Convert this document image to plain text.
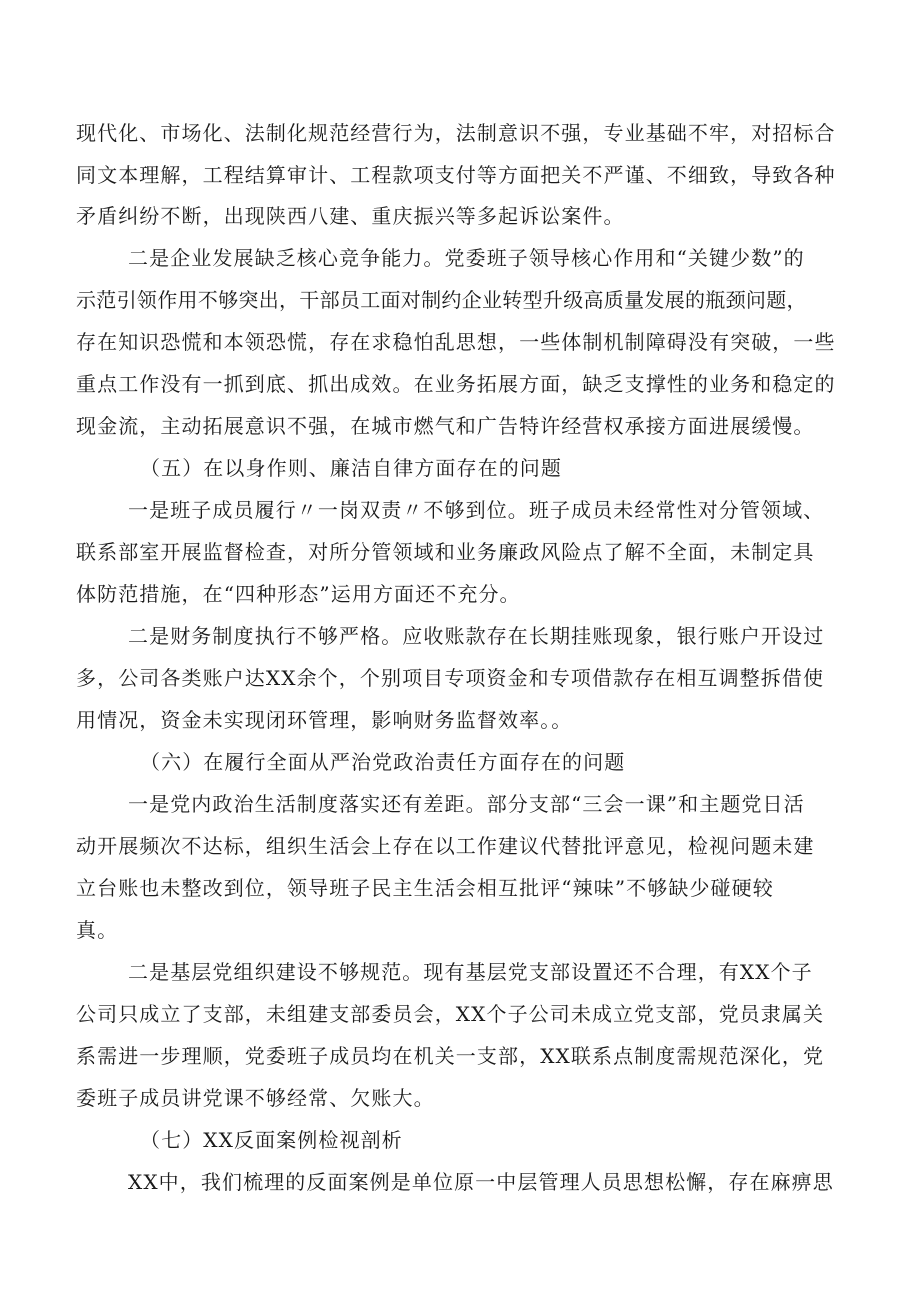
现代化、市场化、法制化规范经营行为，法制意识不强，专业基础不牢，对招标合
同文本理解，工程结算审计、工程款项支付等方面把关不严谨、不细致，导致各种
矛盾纠纷不断，出现陕西八建、重庆振兴等多起诉讼案件。
二是企业发展缺乏核心竞争能力。党委班子领导核心作用和“关键少数”的
示范引领作用不够突出，干部员工面对制约企业转型升级高质量发展的瓶颈问题，
存在知识恐慌和本领恐慌，存在求稳怕乱思想，一些体制机制障碍没有突破，一些
重点工作没有一抓到底、抓出成效。在业务拓展方面，缺乏支撑性的业务和稳定的
现金流，主动拓展意识不强，在城市燃气和广告特许经营权承接方面进展缓慢。
（五）在以身作则、廉洁自律方面存在的问题
一是班子成员履行〃一岗双责〃不够到位。班子成员未经常性对分管领域、
联系部室开展监督检查，对所分管领域和业务廉政风险点了解不全面，未制定具
体防范措施，在“四种形态”运用方面还不充分。
二是财务制度执行不够严格。应收账款存在长期挂账现象，银行账户开设过
多，公司各类账户达XX余个，个别项目专项资金和专项借款存在相互调整拆借使
用情况，资金未实现闭环管理，影响财务监督效率。。
（六）在履行全面从严治党政治责任方面存在的问题
一是党内政治生活制度落实还有差距。部分支部“三会一课”和主题党日活
动开展频次不达标，组织生活会上存在以工作建议代替批评意见，检视问题未建
立台账也未整改到位，领导班子民主生活会相互批评“辣味”不够缺少碰硬较
真。
二是基层党组织建设不够规范。现有基层党支部设置还不合理，有XX个子
公司只成立了支部，未组建支部委员会，XX个子公司未成立党支部，党员隶属关
系需进一步理顺，党委班子成员均在机关一支部，XX联系点制度需规范深化，党
委班子成员讲党课不够经常、欠账大。
（七）XX反面案例检视剖析
XX中，我们梳理的反面案例是单位原一中层管理人员思想松懈，存在麻痹思
